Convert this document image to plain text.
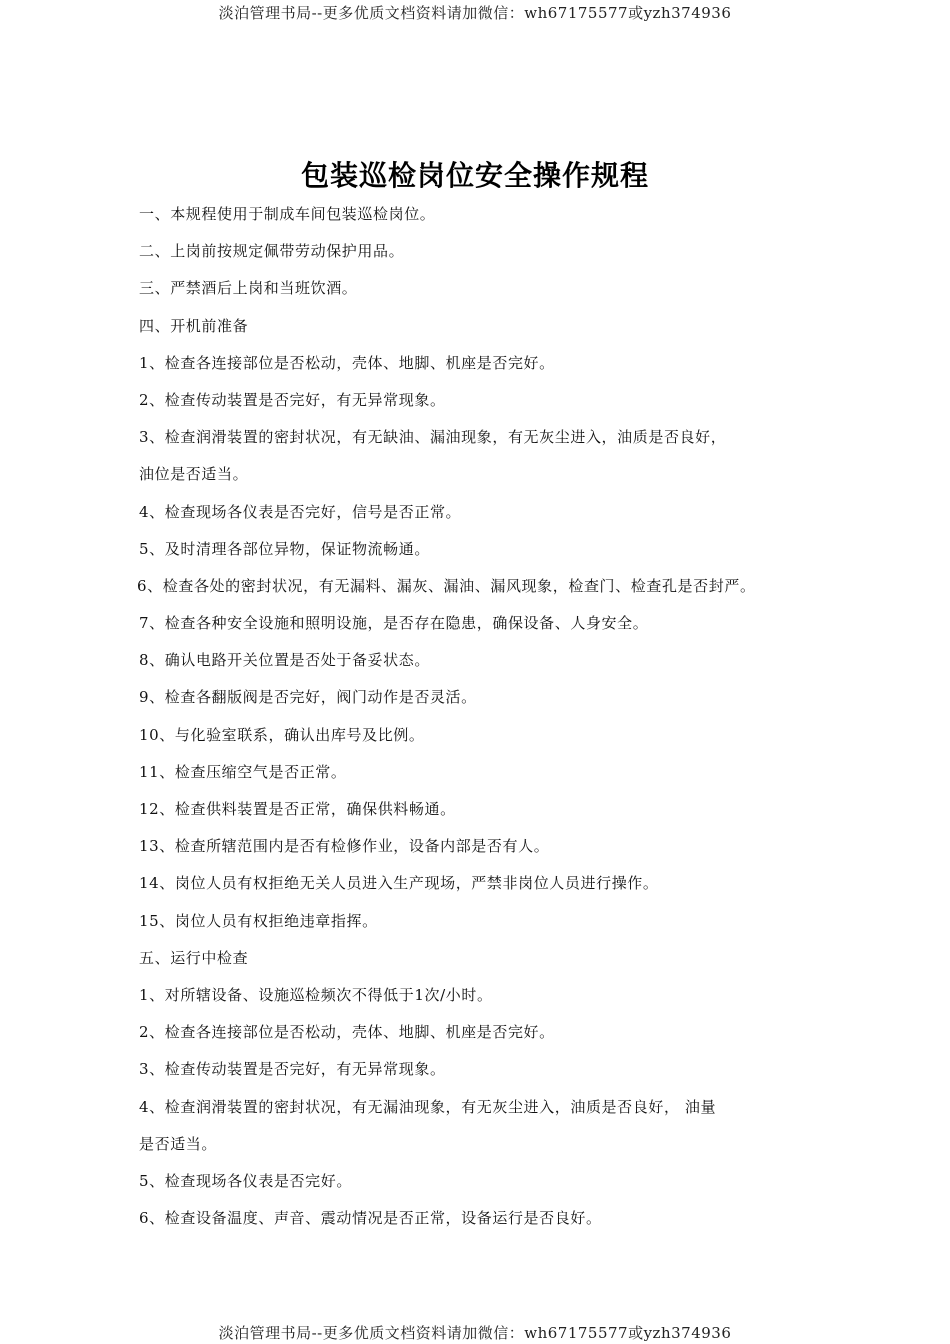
淡泊管理书局--更多优质文档资料请加微信：wh67175577或yzh374936
包装巡检岗位安全操作规程
一、本规程使用于制成车间包装巡检岗位。
二、上岗前按规定佩带劳动保护用品。
三、严禁酒后上岗和当班饮酒。
四、开机前准备
1、检查各连接部位是否松动，壳体、地脚、机座是否完好。
2、检查传动装置是否完好，有无异常现象。
3、检查润滑装置的密封状况，有无缺油、漏油现象，有无灰尘进入，油质是否良好，
油位是否适当。
4、检查现场各仪表是否完好，信号是否正常。
5、及时清理各部位异物，保证物流畅通。
6、检查各处的密封状况，有无漏料、漏灰、漏油、漏风现象，检查门、检查孔是否封严。
7、检查各种安全设施和照明设施，是否存在隐患，确保设备、人身安全。
8、确认电路开关位置是否处于备妥状态。
9、检查各翻版阀是否完好，阀门动作是否灵活。
10、与化验室联系，确认出库号及比例。
11、检查压缩空气是否正常。
12、检查供料装置是否正常，确保供料畅通。
13、检查所辖范围内是否有检修作业，设备内部是否有人。
14、岗位人员有权拒绝无关人员进入生产现场，严禁非岗位人员进行操作。
15、岗位人员有权拒绝违章指挥。
五、运行中检查
1、对所辖设备、设施巡检频次不得低于1次/小时。
2、检查各连接部位是否松动，壳体、地脚、机座是否完好。
3、检查传动装置是否完好，有无异常现象。
4、检查润滑装置的密封状况，有无漏油现象，有无灰尘进入，油质是否良好， 油量
是否适当。
5、检查现场各仪表是否完好。
6、检查设备温度、声音、震动情况是否正常，设备运行是否良好。
淡泊管理书局--更多优质文档资料请加微信：wh67175577或yzh374936
